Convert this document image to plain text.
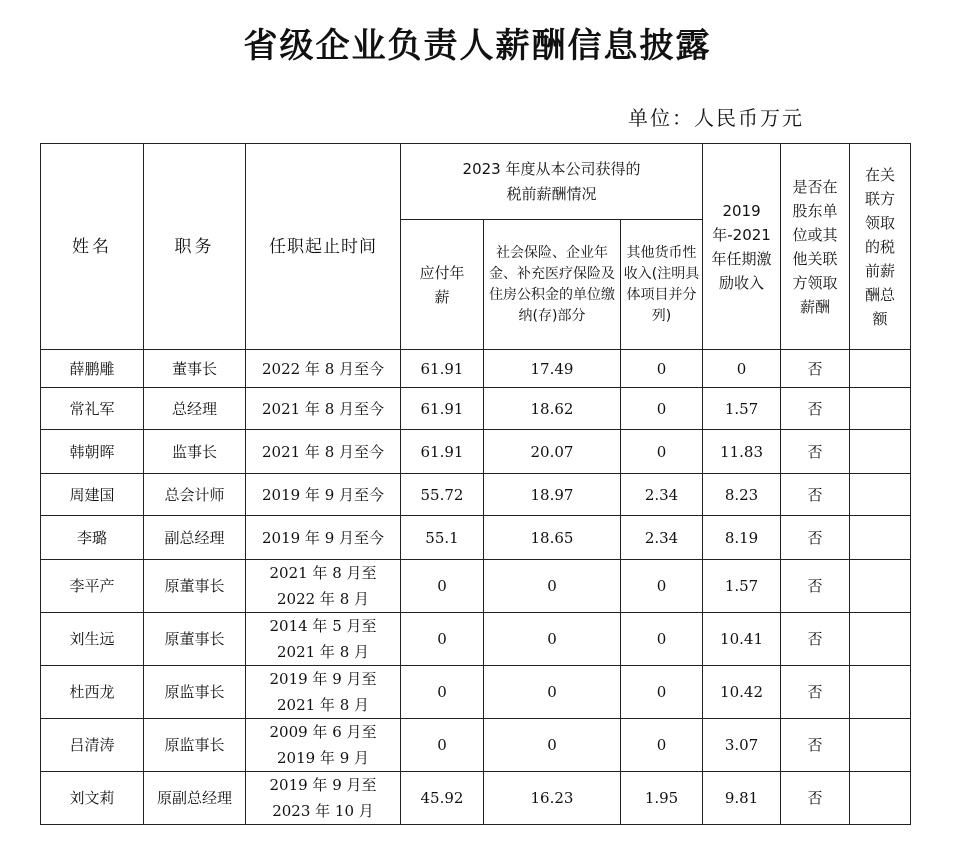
省级企业负责人薪酬信息披露
单位：人民币万元
姓名	职务	任职起止时间	2023 年度从本公司获得的税前薪酬情况			2019 年-2021 年任期激励收入	是否在股东单位或其他关联方领取薪酬	在关联方领取的税前薪酬总额
			应付年薪	社会保险、企业年金、补充医疗保险及住房公积金的单位缴纳(存)部分	其他货币性收入(注明具体项目并分列)			
薛鹏雕	董事长	2022 年 8 月至今	61.91	17.49	0	0	否	
常礼军	总经理	2021 年 8 月至今	61.91	18.62	0	1.57	否	
韩朝晖	监事长	2021 年 8 月至今	61.91	20.07	0	11.83	否	
周建国	总会计师	2019 年 9 月至今	55.72	18.97	2.34	8.23	否	
李璐	副总经理	2019 年 9 月至今	55.1	18.65	2.34	8.19	否	
李平产	原董事长	2021 年 8 月至 2022 年 8 月	0	0	0	1.57	否	
刘生远	原董事长	2014 年 5 月至 2021 年 8 月	0	0	0	10.41	否	
杜西龙	原监事长	2019 年 9 月至 2021 年 8 月	0	0	0	10.42	否	
吕清涛	原监事长	2009 年 6 月至 2019 年 9 月	0	0	0	3.07	否	
刘文莉	原副总经理	2019 年 9 月至 2023 年 10 月	45.92	16.23	1.95	9.81	否	
